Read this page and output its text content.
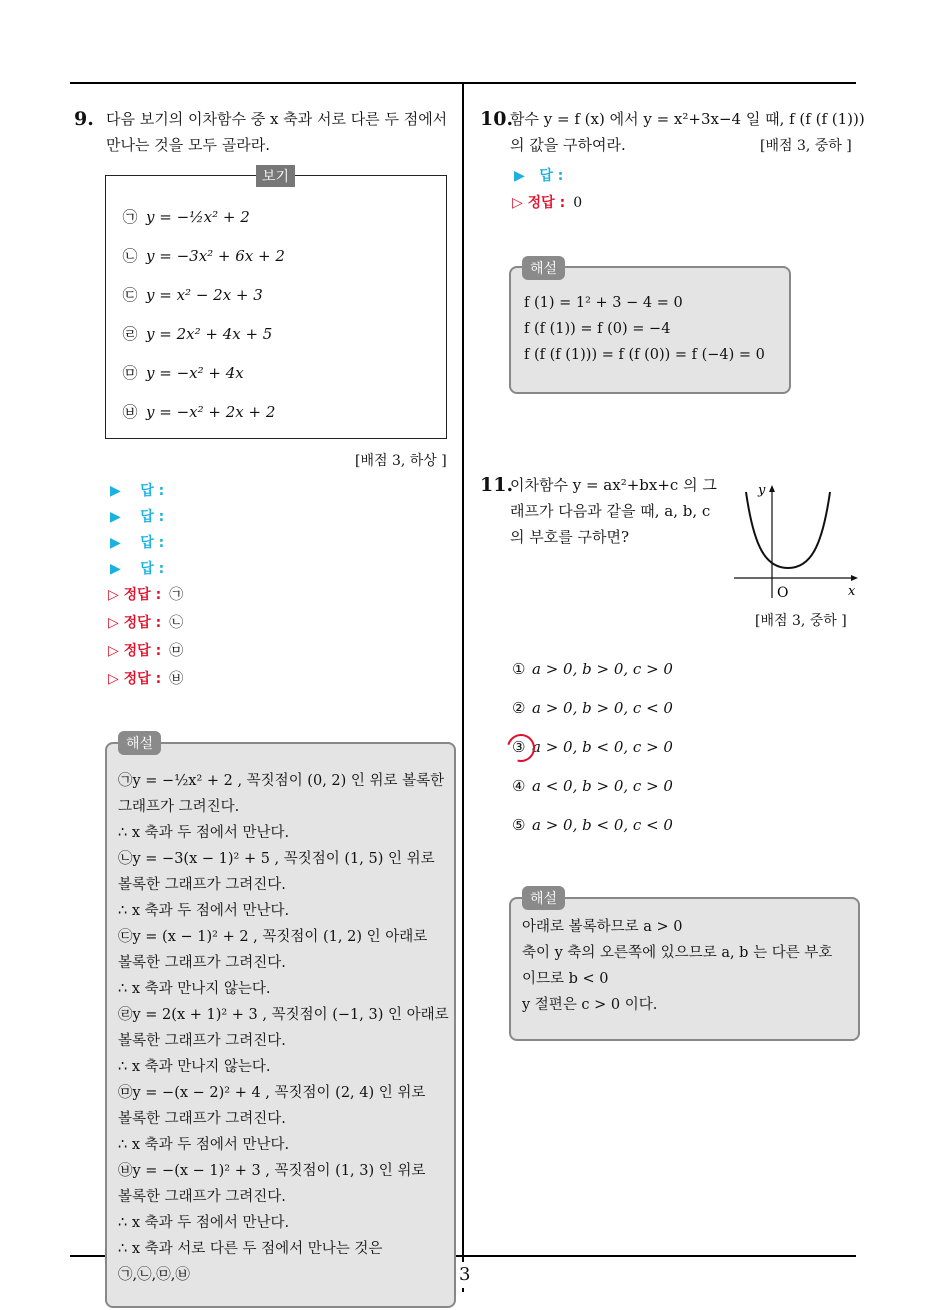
3
9. 다음 보기의 이차함수 중 x 축과 서로 다른 두 점에서
만나는 것을 모두 골라라.
보기
㉠ y = −½x² + 2
㉡ y = −3x² + 6x + 2
㉢ y = x² − 2x + 3
㉣ y = 2x² + 4x + 5
㉤ y = −x² + 4x
㉥ y = −x² + 2x + 2
[배점 3, 하상 ]
▶ 답 :
▶ 답 :
▶ 답 :
▶ 답 :
▷ 정답 : ㉠
▷ 정답 : ㉡
▷ 정답 : ㉤
▷ 정답 : ㉥
해설
㉠y = −½x² + 2 , 꼭짓점이 (0, 2) 인 위로 볼록한
그래프가 그려진다.
∴ x 축과 두 점에서 만난다.
㉡y = −3(x − 1)² + 5 , 꼭짓점이 (1, 5) 인 위로
볼록한 그래프가 그려진다.
∴ x 축과 두 점에서 만난다.
㉢y = (x − 1)² + 2 , 꼭짓점이 (1, 2) 인 아래로
볼록한 그래프가 그려진다.
∴ x 축과 만나지 않는다.
㉣y = 2(x + 1)² + 3 , 꼭짓점이 (−1, 3) 인 아래로
볼록한 그래프가 그려진다.
∴ x 축과 만나지 않는다.
㉤y = −(x − 2)² + 4 , 꼭짓점이 (2, 4) 인 위로
볼록한 그래프가 그려진다.
∴ x 축과 두 점에서 만난다.
㉥y = −(x − 1)² + 3 , 꼭짓점이 (1, 3) 인 위로
볼록한 그래프가 그려진다.
∴ x 축과 두 점에서 만난다.
∴ x 축과 서로 다른 두 점에서 만나는 것은
㉠,㉡,㉤,㉥
10.
함수 y = f (x) 에서 y = x²+3x−4 일 때, f (f (f (1)))
의 값을 구하여라.	[배점 3, 중하 ]
▶ 답 :
▷ 정답 : 0
해설
f (1) = 1² + 3 − 4 = 0
f (f (1)) = f (0) = −4
f (f (f (1))) = f (f (0)) = f (−4) = 0
11.
이차함수 y = ax²+bx+c 의 그
래프가 다음과 같을 때, a, b, c
의 부호를 구하면?
y
x
O
[배점 3, 중하 ]
① a > 0, b > 0, c > 0
② a > 0, b > 0, c < 0
③ a > 0, b < 0, c > 0
④ a < 0, b > 0, c > 0
⑤ a > 0, b < 0, c < 0
해설
아래로 볼록하므로 a > 0
축이 y 축의 오른쪽에 있으므로 a, b 는 다른 부호
이므로 b < 0
y 절편은 c > 0 이다.
